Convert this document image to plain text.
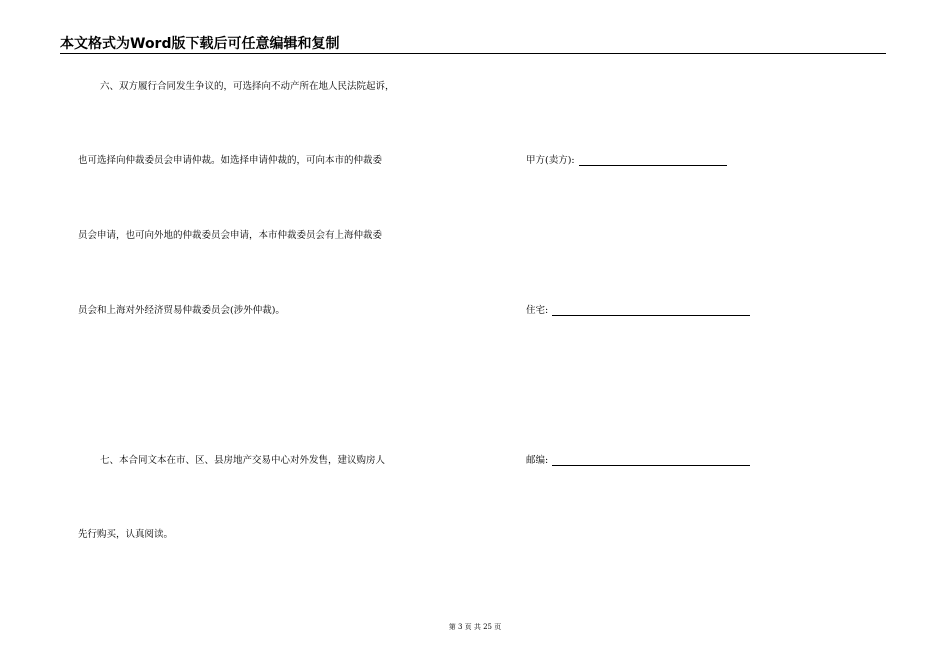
本文格式为Word版下载后可任意编辑和复制
六、双方履行合同发生争议的，可选择向不动产所在地人民法院起诉，
也可选择向仲裁委员会申请仲裁。如选择申请仲裁的，可向本市的仲裁委
员会申请，也可向外地的仲裁委员会申请，本市仲裁委员会有上海仲裁委
员会和上海对外经济贸易仲裁委员会(涉外仲裁)。
七、本合同文本在市、区、县房地产交易中心对外发售，建议购房人
先行购买，认真阅读。
甲方(卖方):
住宅:
邮编:
第 3 页 共 25 页
